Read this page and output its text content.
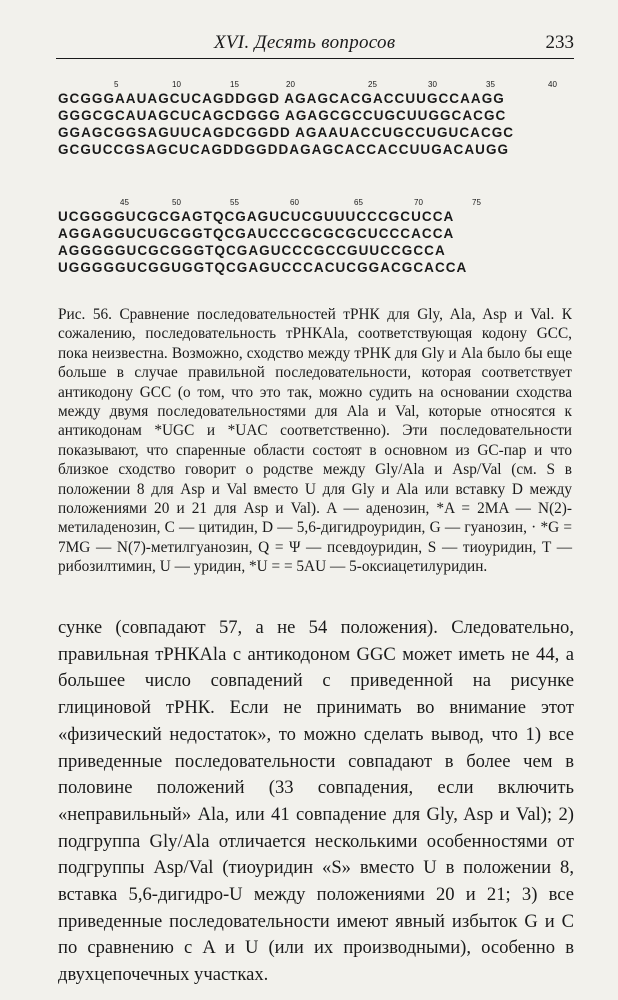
XVI. Десять вопросов	233
5	10	15	20	25	30	35	40
GCGGGAAUAGCUCAGDDGGD AGAGCACGACCUUGCCAAGG
GGGCGCAUAGCUCAGCDGGG AGAGCGCCUGCUUGGCACGC
GGAGCGGSAGUUCAGDCGGDD AGAAUACCUGCCUGUCACGC
GCGUCCGSAGCUCAGDDGGDDAGAGCACCACCUUGACAUGG
45	50	55	60	65	70	75
UCGGGGUCGCGAGTQCGAGUCUCGUUUCCCGCUCCA
AGGAGGUCUGCGGTQCGAUCCCGCGCGCUCCCACCA
AGGGGGUCGCGGGTQCGAGUCCCGCCGUUCCGCCA
UGGGGGUCGGUGGTQCGAGUCCCACUCGGACGCACCA

Рис. 56. Сравнение последовательностей тРНК для Gly, Ala, Asp и Val. К сожалению, последовательность тРНКAla, соответствующая кодону GCC, пока неизвестна. Возможно, сходство между тРНК для Gly и Ala было бы еще больше в случае правильной последовательности, которая соответствует антикодону GCC (о том, что это так, можно судить на основании сходства между двумя последовательностями для Ala и Val, которые относятся к антикодонам *UGC и *UAC соответственно). Эти последовательности показывают, что спаренные области состоят в основном из GC-пар и что близкое сходство говорит о родстве между Gly/Ala и Asp/Val (см. S в положении 8 для Asp и Val вместо U для Gly и Ala или вставку D между положениями 20 и 21 для Asp и Val). A — аденозин, *A = 2MA — N(2)-метиладенозин, C — цитидин, D — 5,6-дигидроуридин, G — гуанозин, · *G = 7MG — N(7)-метилгуанозин, Q = Ψ — псевдоуридин, S — тиоуридин, T — рибозилтимин, U — уридин, *U = = 5AU — 5-оксиацетилуридин.

сунке (совпадают 57, а не 54 положения). Следовательно, правильная тРНКAla с антикодоном GGC может иметь не 44, а большее число совпадений с приведенной на рисунке глициновой тРНК. Если не принимать во внимание этот «физический недостаток», то можно сделать вывод, что 1) все приведенные последовательности совпадают в более чем в половине положений (33 совпадения, если включить «неправильный» Ala, или 41 совпадение для Gly, Asp и Val); 2) подгруппа Gly/Ala отличается несколькими особенностями от подгруппы Asp/Val (тиоуридин «S» вместо U в положении 8, вставка 5,6-дигидро-U между положениями 20 и 21; 3) все приведенные последовательности имеют явный избыток G и C по сравнению с A и U (или их производными), особенно в двухцепочечных участках.
